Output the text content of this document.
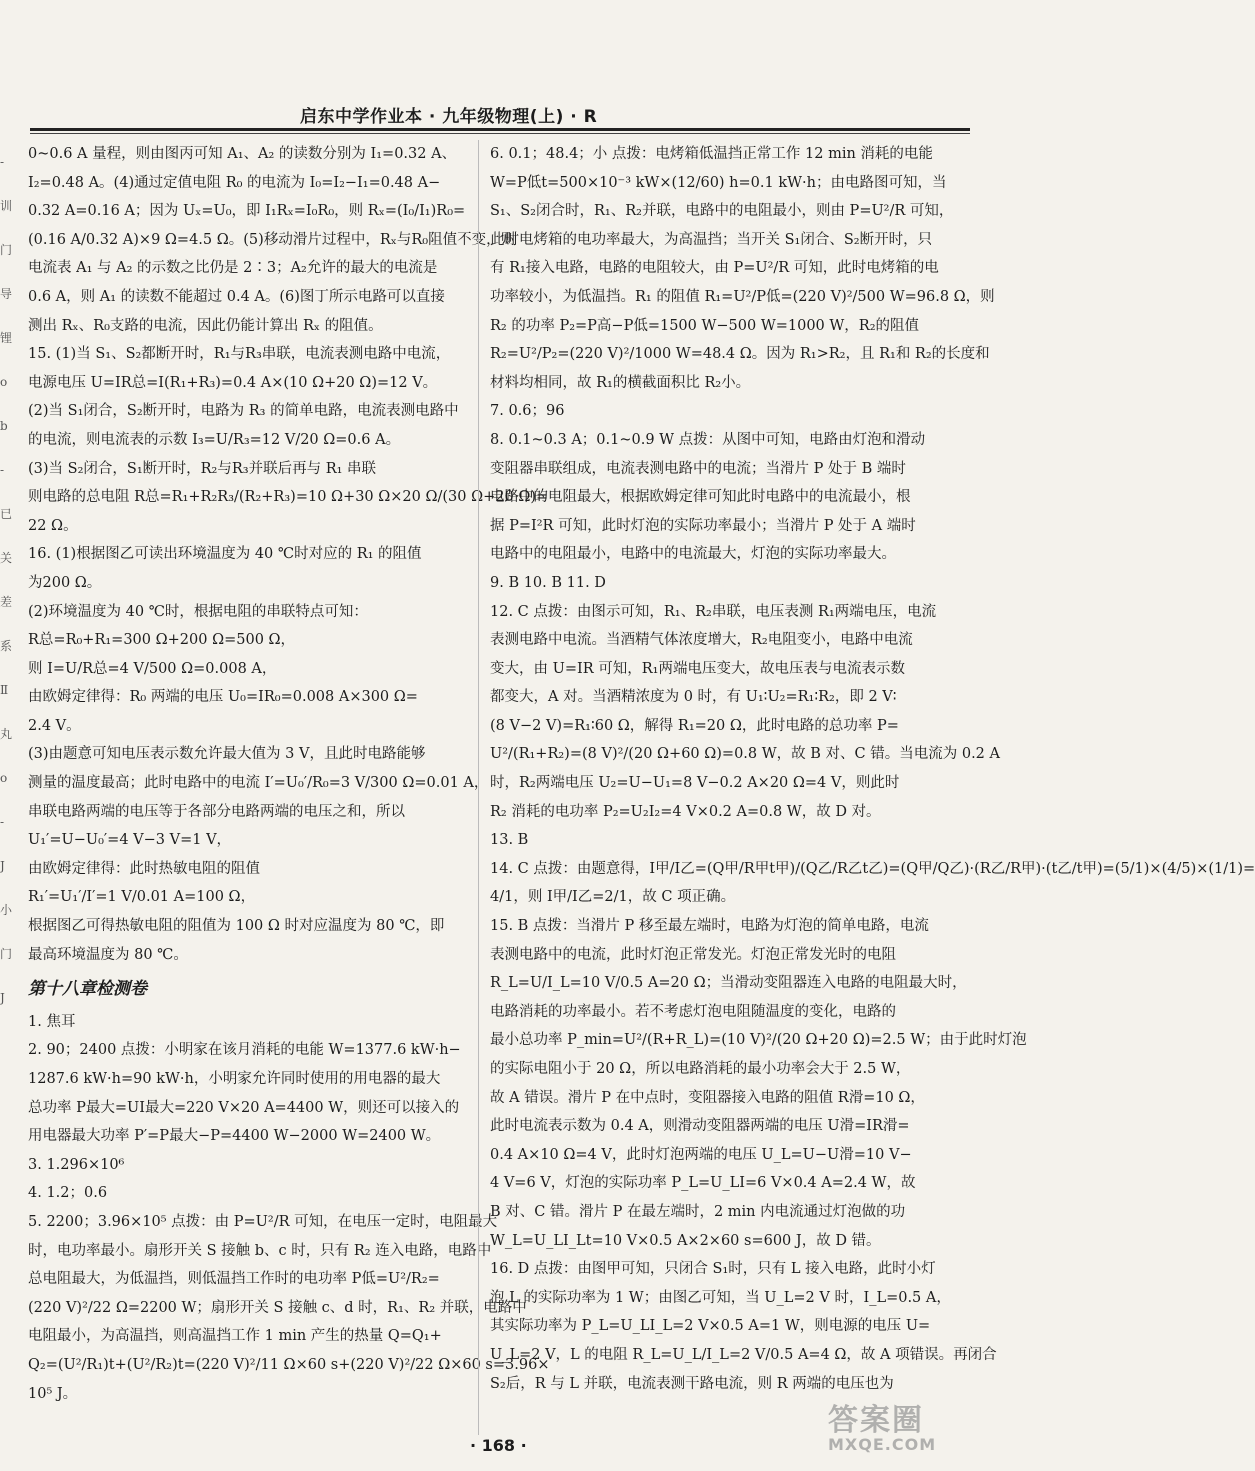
启东中学作业本 · 九年级物理(上) · R
-
训
门
导
锂
o
b
-
已
关
差
系
Ⅱ
丸
o
-
J
小
门
J
0~0.6 A 量程，则由图丙可知 A₁、A₂ 的读数分别为 I₁=0.32 A、
I₂=0.48 A。(4)通过定值电阻 R₀ 的电流为 I₀=I₂−I₁=0.48 A−
0.32 A=0.16 A；因为 Uₓ=U₀，即 I₁Rₓ=I₀R₀，则 Rₓ=(I₀/I₁)R₀=
(0.16 A/0.32 A)×9 Ω=4.5 Ω。(5)移动滑片过程中，Rₓ与R₀阻值不变，则
电流表 A₁ 与 A₂ 的示数之比仍是 2∶3；A₂允许的最大的电流是
0.6 A，则 A₁ 的读数不能超过 0.4 A。(6)图丁所示电路可以直接
测出 Rₓ、R₀支路的电流，因此仍能计算出 Rₓ 的阻值。
15. (1)当 S₁、S₂都断开时，R₁与R₃串联，电流表测电路中电流，
电源电压 U=IR总=I(R₁+R₃)=0.4 A×(10 Ω+20 Ω)=12 V。
(2)当 S₁闭合，S₂断开时，电路为 R₃ 的简单电路，电流表测电路中
的电流，则电流表的示数 I₃=U/R₃=12 V/20 Ω=0.6 A。
(3)当 S₂闭合，S₁断开时，R₂与R₃并联后再与 R₁ 串联
则电路的总电阻 R总=R₁+R₂R₃/(R₂+R₃)=10 Ω+30 Ω×20 Ω/(30 Ω+20 Ω)=
22 Ω。
16. (1)根据图乙可读出环境温度为 40 ℃时对应的 R₁ 的阻值
为200 Ω。
(2)环境温度为 40 ℃时，根据电阻的串联特点可知：
R总=R₀+R₁=300 Ω+200 Ω=500 Ω，
则 I=U/R总=4 V/500 Ω=0.008 A，
由欧姆定律得：R₀ 两端的电压 U₀=IR₀=0.008 A×300 Ω=
2.4 V。
(3)由题意可知电压表示数允许最大值为 3 V，且此时电路能够
测量的温度最高；此时电路中的电流 I′=U₀′/R₀=3 V/300 Ω=0.01 A，
串联电路两端的电压等于各部分电路两端的电压之和，所以
U₁′=U−U₀′=4 V−3 V=1 V，
由欧姆定律得：此时热敏电阻的阻值
R₁′=U₁′/I′=1 V/0.01 A=100 Ω，
根据图乙可得热敏电阻的阻值为 100 Ω 时对应温度为 80 ℃，即
最高环境温度为 80 ℃。
第十八章检测卷
1. 焦耳
2. 90；2400 点拨：小明家在该月消耗的电能 W=1377.6 kW·h−
1287.6 kW·h=90 kW·h，小明家允许同时使用的用电器的最大
总功率 P最大=UI最大=220 V×20 A=4400 W，则还可以接入的
用电器最大功率 P′=P最大−P=4400 W−2000 W=2400 W。
3. 1.296×10⁶
4. 1.2；0.6
5. 2200；3.96×10⁵ 点拨：由 P=U²/R 可知，在电压一定时，电阻最大
时，电功率最小。扇形开关 S 接触 b、c 时，只有 R₂ 连入电路，电路中
总电阻最大，为低温挡，则低温挡工作时的电功率 P低=U²/R₂=
(220 V)²/22 Ω=2200 W；扇形开关 S 接触 c、d 时，R₁、R₂ 并联，电路中
电阻最小，为高温挡，则高温挡工作 1 min 产生的热量 Q=Q₁+
Q₂=(U²/R₁)t+(U²/R₂)t=(220 V)²/11 Ω×60 s+(220 V)²/22 Ω×60 s=3.96×
10⁵ J。
6. 0.1；48.4；小 点拨：电烤箱低温挡正常工作 12 min 消耗的电能
W=P低t=500×10⁻³ kW×(12/60) h=0.1 kW·h；由电路图可知，当
S₁、S₂闭合时，R₁、R₂并联，电路中的电阻最小，则由 P=U²/R 可知，
此时电烤箱的电功率最大，为高温挡；当开关 S₁闭合、S₂断开时，只
有 R₁接入电路，电路的电阻较大，由 P=U²/R 可知，此时电烤箱的电
功率较小，为低温挡。R₁ 的阻值 R₁=U²/P低=(220 V)²/500 W=96.8 Ω，则
R₂ 的功率 P₂=P高−P低=1500 W−500 W=1000 W，R₂的阻值
R₂=U²/P₂=(220 V)²/1000 W=48.4 Ω。因为 R₁>R₂，且 R₁和 R₂的长度和
材料均相同，故 R₁的横截面积比 R₂小。
7. 0.6；96
8. 0.1~0.3 A；0.1~0.9 W 点拨：从图中可知，电路由灯泡和滑动
变阻器串联组成，电流表测电路中的电流；当滑片 P 处于 B 端时
电路中的电阻最大，根据欧姆定律可知此时电路中的电流最小，根
据 P=I²R 可知，此时灯泡的实际功率最小；当滑片 P 处于 A 端时
电路中的电阻最小，电路中的电流最大，灯泡的实际功率最大。
9. B 10. B 11. D
12. C 点拨：由图示可知，R₁、R₂串联，电压表测 R₁两端电压，电流
表测电路中电流。当酒精气体浓度增大，R₂电阻变小，电路中电流
变大，由 U=IR 可知，R₁两端电压变大，故电压表与电流表示数
都变大，A 对。当酒精浓度为 0 时，有 U₁∶U₂=R₁∶R₂，即 2 V∶
(8 V−2 V)=R₁∶60 Ω，解得 R₁=20 Ω，此时电路的总功率 P=
U²/(R₁+R₂)=(8 V)²/(20 Ω+60 Ω)=0.8 W，故 B 对、C 错。当电流为 0.2 A
时，R₂两端电压 U₂=U−U₁=8 V−0.2 A×20 Ω=4 V，则此时
R₂ 消耗的电功率 P₂=U₂I₂=4 V×0.2 A=0.8 W，故 D 对。
13. B
14. C 点拨：由题意得，I甲/I乙=(Q甲/R甲t甲)/(Q乙/R乙t乙)=(Q甲/Q乙)·(R乙/R甲)·(t乙/t甲)=(5/1)×(4/5)×(1/1)=
4/1，则 I甲/I乙=2/1，故 C 项正确。
15. B 点拨：当滑片 P 移至最左端时，电路为灯泡的简单电路，电流
表测电路中的电流，此时灯泡正常发光。灯泡正常发光时的电阻
R_L=U/I_L=10 V/0.5 A=20 Ω；当滑动变阻器连入电路的电阻最大时，
电路消耗的功率最小。若不考虑灯泡电阻随温度的变化，电路的
最小总功率 P_min=U²/(R+R_L)=(10 V)²/(20 Ω+20 Ω)=2.5 W；由于此时灯泡
的实际电阻小于 20 Ω，所以电路消耗的最小功率会大于 2.5 W，
故 A 错误。滑片 P 在中点时，变阻器接入电路的阻值 R滑=10 Ω，
此时电流表示数为 0.4 A，则滑动变阻器两端的电压 U滑=IR滑=
0.4 A×10 Ω=4 V，此时灯泡两端的电压 U_L=U−U滑=10 V−
4 V=6 V，灯泡的实际功率 P_L=U_LI=6 V×0.4 A=2.4 W，故
B 对、C 错。滑片 P 在最左端时，2 min 内电流通过灯泡做的功
W_L=U_LI_Lt=10 V×0.5 A×2×60 s=600 J，故 D 错。
16. D 点拨：由图甲可知，只闭合 S₁时，只有 L 接入电路，此时小灯
泡 L 的实际功率为 1 W；由图乙可知，当 U_L=2 V 时，I_L=0.5 A，
其实际功率为 P_L=U_LI_L=2 V×0.5 A=1 W，则电源的电压 U=
U_L=2 V，L 的电阻 R_L=U_L/I_L=2 V/0.5 A=4 Ω，故 A 项错误。再闭合
S₂后，R 与 L 并联，电流表测干路电流，则 R 两端的电压也为
· 168 ·
答案圈
MXQE.COM
